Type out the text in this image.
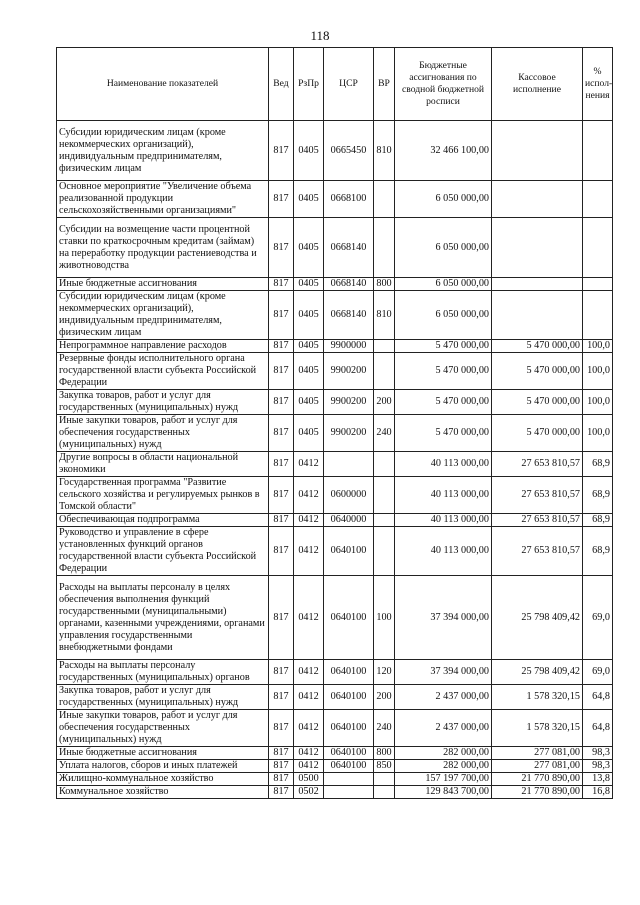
118
Наименование показателей	Вед	РзПр	ЦСР	ВР	Бюджетные ассигнования по сводной бюджетной росписи	Кассовое исполнение	% испол-нения
Субсидии юридическим лицам (кроме некоммерческих организаций), индивидуальным предпринимателям, физическим лицам	817	0405	0665450	810	32 466 100,00		
Основное мероприятие "Увеличение объема реализованной продукции сельскохозяйственными организациями"	817	0405	0668100		6 050 000,00		
Субсидии на возмещение части процентной ставки по краткосрочным кредитам (займам) на переработку продукции растениеводства и животноводства	817	0405	0668140		6 050 000,00		
Иные бюджетные ассигнования	817	0405	0668140	800	6 050 000,00		
Субсидии юридическим лицам (кроме некоммерческих организаций), индивидуальным предпринимателям, физическим лицам	817	0405	0668140	810	6 050 000,00		
Непрограммное направление расходов	817	0405	9900000		5 470 000,00	5 470 000,00	100,0
Резервные фонды исполнительного органа государственной власти субъекта Российской Федерации	817	0405	9900200		5 470 000,00	5 470 000,00	100,0
Закупка товаров, работ и услуг для государственных (муниципальных) нужд	817	0405	9900200	200	5 470 000,00	5 470 000,00	100,0
Иные закупки товаров, работ и услуг для обеспечения государственных (муниципальных) нужд	817	0405	9900200	240	5 470 000,00	5 470 000,00	100,0
Другие вопросы в области национальной экономики	817	0412			40 113 000,00	27 653 810,57	68,9
Государственная программа "Развитие сельского хозяйства и регулируемых рынков в Томской области"	817	0412	0600000		40 113 000,00	27 653 810,57	68,9
Обеспечивающая подпрограмма	817	0412	0640000		40 113 000,00	27 653 810,57	68,9
Руководство и управление в сфере установленных функций органов государственной власти субъекта Российской Федерации	817	0412	0640100		40 113 000,00	27 653 810,57	68,9
Расходы на выплаты персоналу в целях обеспечения выполнения функций государственными (муниципальными) органами, казенными учреждениями, органами управления государственными внебюджетными фондами	817	0412	0640100	100	37 394 000,00	25 798 409,42	69,0
Расходы на выплаты персоналу государственных (муниципальных) органов	817	0412	0640100	120	37 394 000,00	25 798 409,42	69,0
Закупка товаров, работ и услуг для государственных (муниципальных) нужд	817	0412	0640100	200	2 437 000,00	1 578 320,15	64,8
Иные закупки товаров, работ и услуг для обеспечения государственных (муниципальных) нужд	817	0412	0640100	240	2 437 000,00	1 578 320,15	64,8
Иные бюджетные ассигнования	817	0412	0640100	800	282 000,00	277 081,00	98,3
Уплата налогов, сборов и иных платежей	817	0412	0640100	850	282 000,00	277 081,00	98,3
Жилищно-коммунальное хозяйство	817	0500			157 197 700,00	21 770 890,00	13,8
Коммунальное хозяйство	817	0502			129 843 700,00	21 770 890,00	16,8
